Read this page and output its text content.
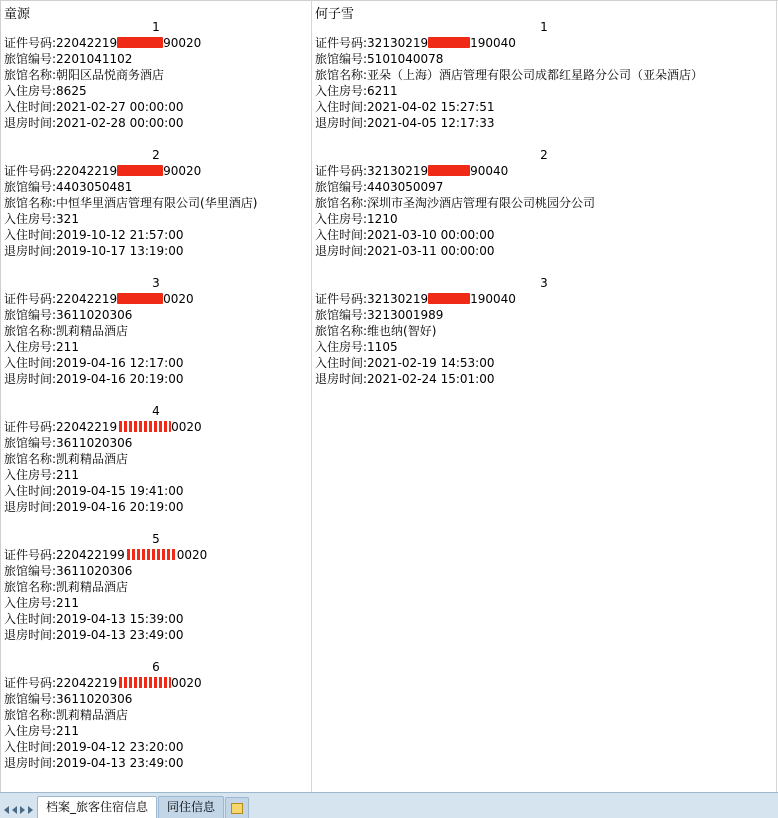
童源
1
证件号码:22042219	90020
旅馆编号:2201041102
旅馆名称:朝阳区品悦商务酒店
入住房号:8625
入住时间:2021-02-27 00:00:00
退房时间:2021-02-28 00:00:00
2
证件号码:22042219	90020
旅馆编号:4403050481
旅馆名称:中恒华里酒店管理有限公司(华里酒店)
入住房号:321
入住时间:2019-10-12 21:57:00
退房时间:2019-10-17 13:19:00
3
证件号码:22042219	0020
旅馆编号:3611020306
旅馆名称:凯莉精品酒店
入住房号:211
入住时间:2019-04-16 12:17:00
退房时间:2019-04-16 20:19:00
4
证件号码:22042219	0020
旅馆编号:3611020306
旅馆名称:凯莉精品酒店
入住房号:211
入住时间:2019-04-15 19:41:00
退房时间:2019-04-16 20:19:00
5
证件号码:220422199	0020
旅馆编号:3611020306
旅馆名称:凯莉精品酒店
入住房号:211
入住时间:2019-04-13 15:39:00
退房时间:2019-04-13 23:49:00
6
证件号码:22042219	0020
旅馆编号:3611020306
旅馆名称:凯莉精品酒店
入住房号:211
入住时间:2019-04-12 23:20:00
退房时间:2019-04-13 23:49:00
何子雪
1
证件号码:32130219	190040
旅馆编号:5101040078
旅馆名称:亚朵（上海）酒店管理有限公司成都红星路分公司（亚朵酒店）
入住房号:6211
入住时间:2021-04-02 15:27:51
退房时间:2021-04-05 12:17:33
2
证件号码:32130219	90040
旅馆编号:4403050097
旅馆名称:深圳市圣淘沙酒店管理有限公司桃园分公司
入住房号:1210
入住时间:2021-03-10 00:00:00
退房时间:2021-03-11 00:00:00
3
证件号码:32130219	190040
旅馆编号:3213001989
旅馆名称:维也纳(智好)
入住房号:1105
入住时间:2021-02-19 14:53:00
退房时间:2021-02-24 15:01:00
档案_旅客住宿信息	同住信息
